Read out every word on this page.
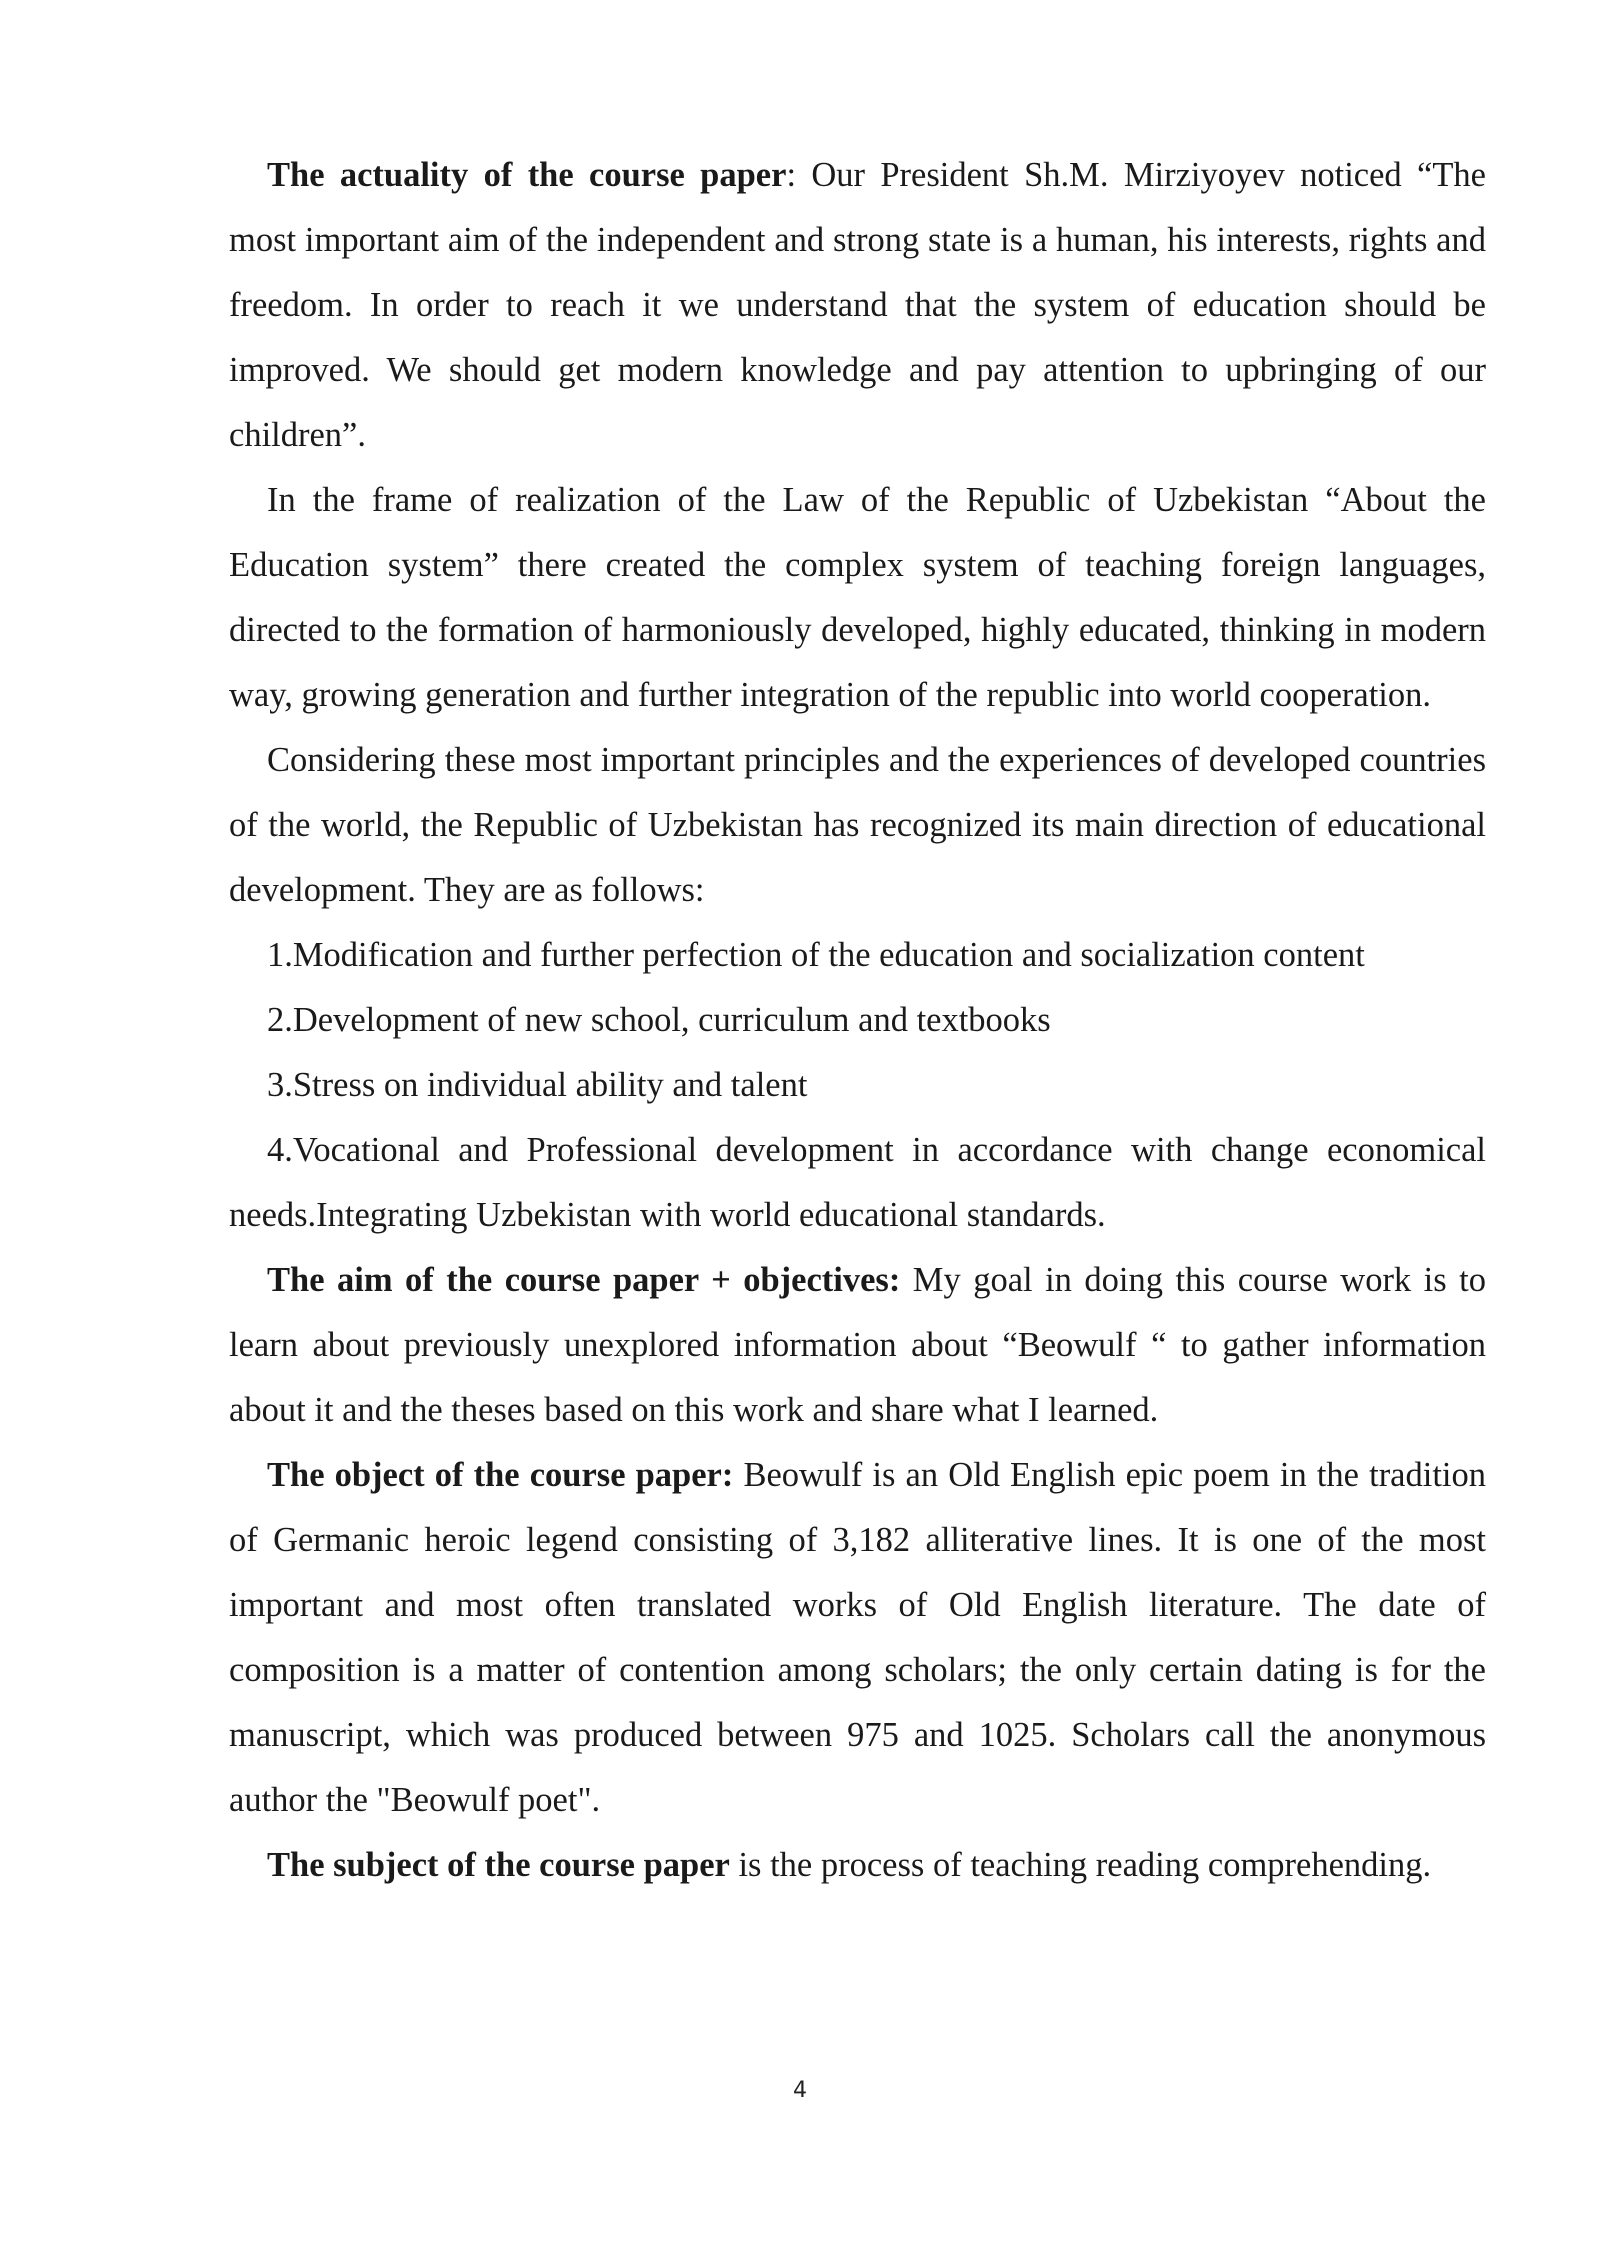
The actuality of the course paper: Our President Sh.M. Mirziyoyev noticed “The most important aim of the independent and strong state is a human, his interests, rights and freedom. In order to reach it we understand that the system of education should be improved. We should get modern knowledge and pay attention to upbringing of our children”.

In the frame of realization of the Law of the Republic of Uzbekistan “About the Education system” there created the complex system of teaching foreign languages, directed to the formation of harmoniously developed, highly educated, thinking in modern way, growing generation and further integration of the republic into world cooperation.

Considering these most important principles and the experiences of developed countries of the world, the Republic of Uzbekistan has recognized its main direction of educational development. They are as follows:

1.Modification and further perfection of the education and socialization content

2.Development of new school, curriculum and textbooks

3.Stress on individual ability and talent

4.Vocational and Professional development in accordance with change economical needs.Integrating Uzbekistan with world educational standards.

The aim of the course paper + objectives: My goal in doing this course work is to learn about previously unexplored information about “Beowulf “ to gather information about it and the theses based on this work and share what I learned.

The object of the course paper: Beowulf is an Old English epic poem in the tradition of Germanic heroic legend consisting of 3,182 alliterative lines. It is one of the most important and most often translated works of Old English literature. The date of composition is a matter of contention among scholars; the only certain dating is for the manuscript, which was produced between 975 and 1025. Scholars call the anonymous author the "Beowulf poet".

The subject of the course paper is the process of teaching reading comprehending.

4
